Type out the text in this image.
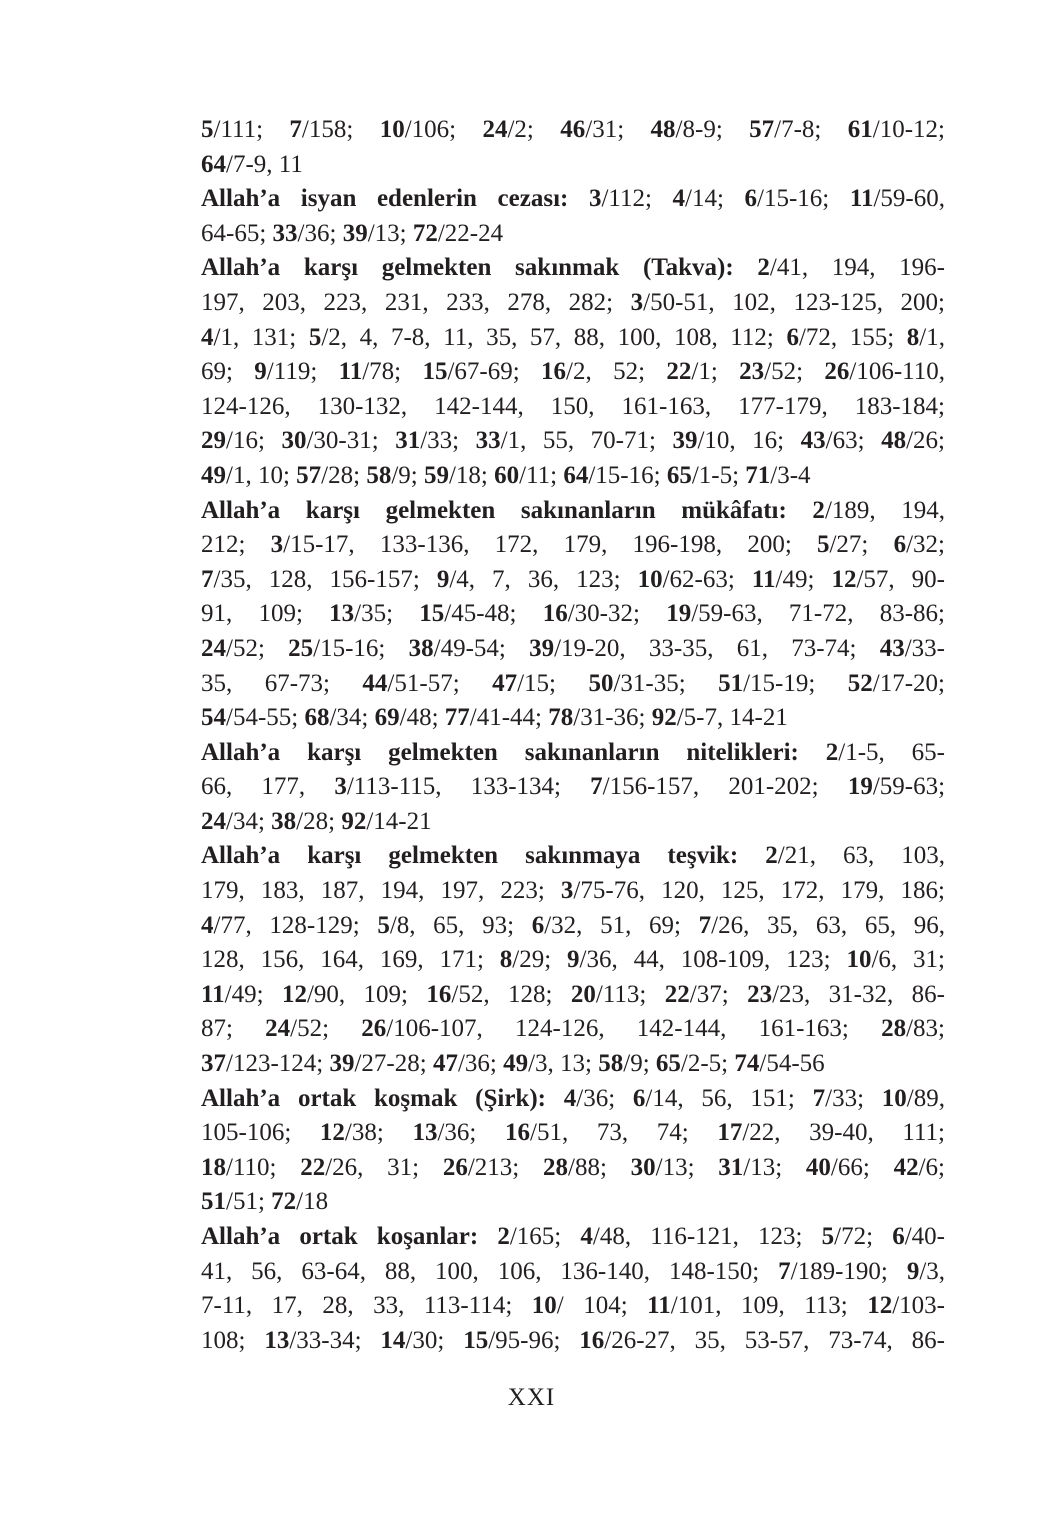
5/111; 7/158; 10/106; 24/2; 46/31; 48/8-9; 57/7-8; 61/10-12;
64/7-9, 11
Allah’a isyan edenlerin cezası: 3/112; 4/14; 6/15-16; 11/59-60,
64-65; 33/36; 39/13; 72/22-24
Allah’a karşı gelmekten sakınmak (Takva): 2/41, 194, 196-
197, 203, 223, 231, 233, 278, 282; 3/50-51, 102, 123-125, 200;
4/1, 131; 5/2, 4, 7-8, 11, 35, 57, 88, 100, 108, 112; 6/72, 155; 8/1,
69; 9/119; 11/78; 15/67-69; 16/2, 52; 22/1; 23/52; 26/106-110,
124-126, 130-132, 142-144, 150, 161-163, 177-179, 183-184;
29/16; 30/30-31; 31/33; 33/1, 55, 70-71; 39/10, 16; 43/63; 48/26;
49/1, 10; 57/28; 58/9; 59/18; 60/11; 64/15-16; 65/1-5; 71/3-4
Allah’a karşı gelmekten sakınanların mükâfatı: 2/189, 194,
212; 3/15-17, 133-136, 172, 179, 196-198, 200; 5/27; 6/32;
7/35, 128, 156-157; 9/4, 7, 36, 123; 10/62-63; 11/49; 12/57, 90-
91, 109; 13/35; 15/45-48; 16/30-32; 19/59-63, 71-72, 83-86;
24/52; 25/15-16; 38/49-54; 39/19-20, 33-35, 61, 73-74; 43/33-
35, 67-73; 44/51-57; 47/15; 50/31-35; 51/15-19; 52/17-20;
54/54-55; 68/34; 69/48; 77/41-44; 78/31-36; 92/5-7, 14-21
Allah’a karşı gelmekten sakınanların nitelikleri: 2/1-5, 65-
66, 177, 3/113-115, 133-134; 7/156-157, 201-202; 19/59-63;
24/34; 38/28; 92/14-21
Allah’a karşı gelmekten sakınmaya teşvik: 2/21, 63, 103,
179, 183, 187, 194, 197, 223; 3/75-76, 120, 125, 172, 179, 186;
4/77, 128-129; 5/8, 65, 93; 6/32, 51, 69; 7/26, 35, 63, 65, 96,
128, 156, 164, 169, 171; 8/29; 9/36, 44, 108-109, 123; 10/6, 31;
11/49; 12/90, 109; 16/52, 128; 20/113; 22/37; 23/23, 31-32, 86-
87; 24/52; 26/106-107, 124-126, 142-144, 161-163; 28/83;
37/123-124; 39/27-28; 47/36; 49/3, 13; 58/9; 65/2-5; 74/54-56
Allah’a ortak koşmak (Şirk): 4/36; 6/14, 56, 151; 7/33; 10/89,
105-106; 12/38; 13/36; 16/51, 73, 74; 17/22, 39-40, 111;
18/110; 22/26, 31; 26/213; 28/88; 30/13; 31/13; 40/66; 42/6;
51/51; 72/18
Allah’a ortak koşanlar: 2/165; 4/48, 116-121, 123; 5/72; 6/40-
41, 56, 63-64, 88, 100, 106, 136-140, 148-150; 7/189-190; 9/3,
7-11, 17, 28, 33, 113-114; 10/ 104; 11/101, 109, 113; 12/103-
108; 13/33-34; 14/30; 15/95-96; 16/26-27, 35, 53-57, 73-74, 86-
XXI
